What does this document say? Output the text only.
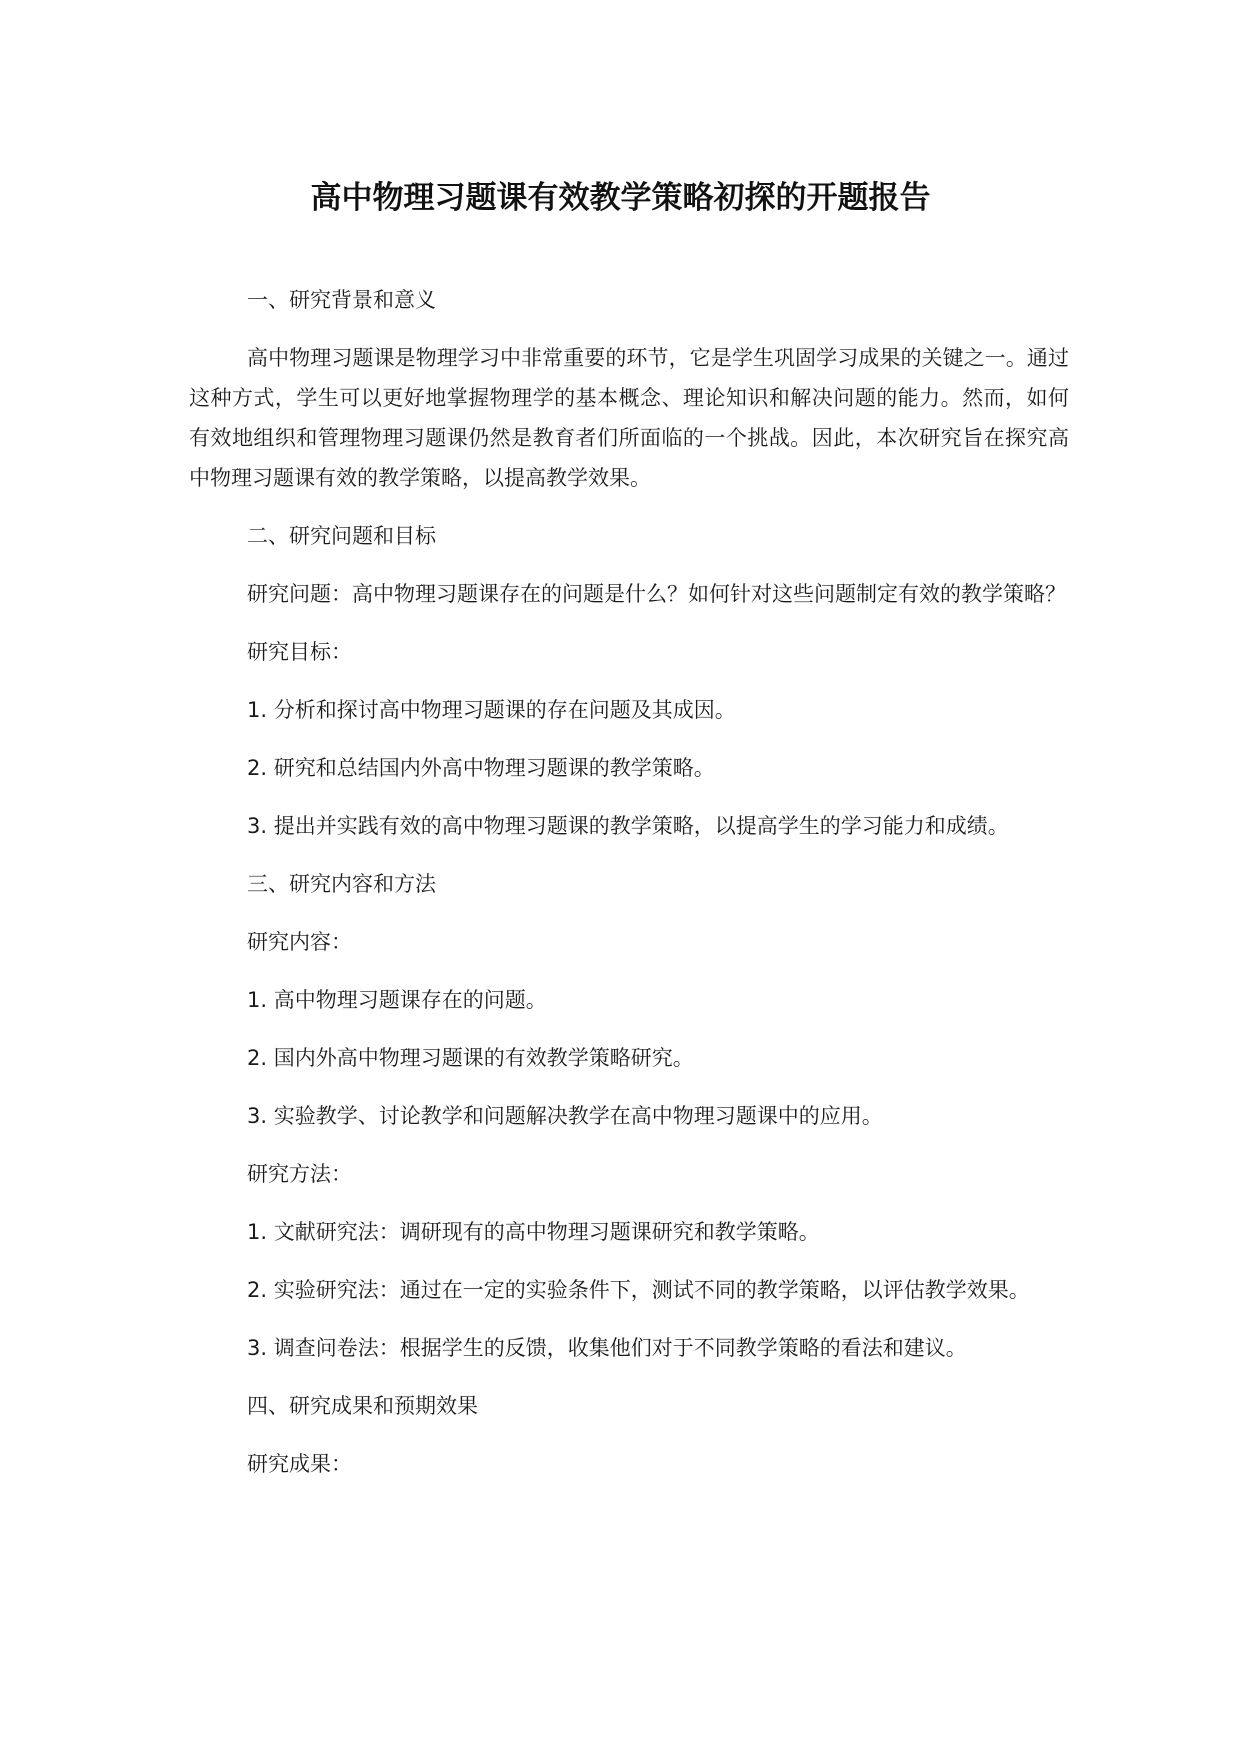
高中物理习题课有效教学策略初探的开题报告

一、研究背景和意义

高中物理习题课是物理学习中非常重要的环节，它是学生巩固学习成果的关键之一。通过这种方式，学生可以更好地掌握物理学的基本概念、理论知识和解决问题的能力。然而，如何有效地组织和管理物理习题课仍然是教育者们所面临的一个挑战。因此，本次研究旨在探究高中物理习题课有效的教学策略，以提高教学效果。

二、研究问题和目标

研究问题：高中物理习题课存在的问题是什么？如何针对这些问题制定有效的教学策略？

研究目标：

1. 分析和探讨高中物理习题课的存在问题及其成因。

2. 研究和总结国内外高中物理习题课的教学策略。

3. 提出并实践有效的高中物理习题课的教学策略，以提高学生的学习能力和成绩。

三、研究内容和方法

研究内容：

1. 高中物理习题课存在的问题。

2. 国内外高中物理习题课的有效教学策略研究。

3. 实验教学、讨论教学和问题解决教学在高中物理习题课中的应用。

研究方法：

1. 文献研究法：调研现有的高中物理习题课研究和教学策略。

2. 实验研究法：通过在一定的实验条件下，测试不同的教学策略，以评估教学效果。

3. 调查问卷法：根据学生的反馈，收集他们对于不同教学策略的看法和建议。

四、研究成果和预期效果

研究成果：
